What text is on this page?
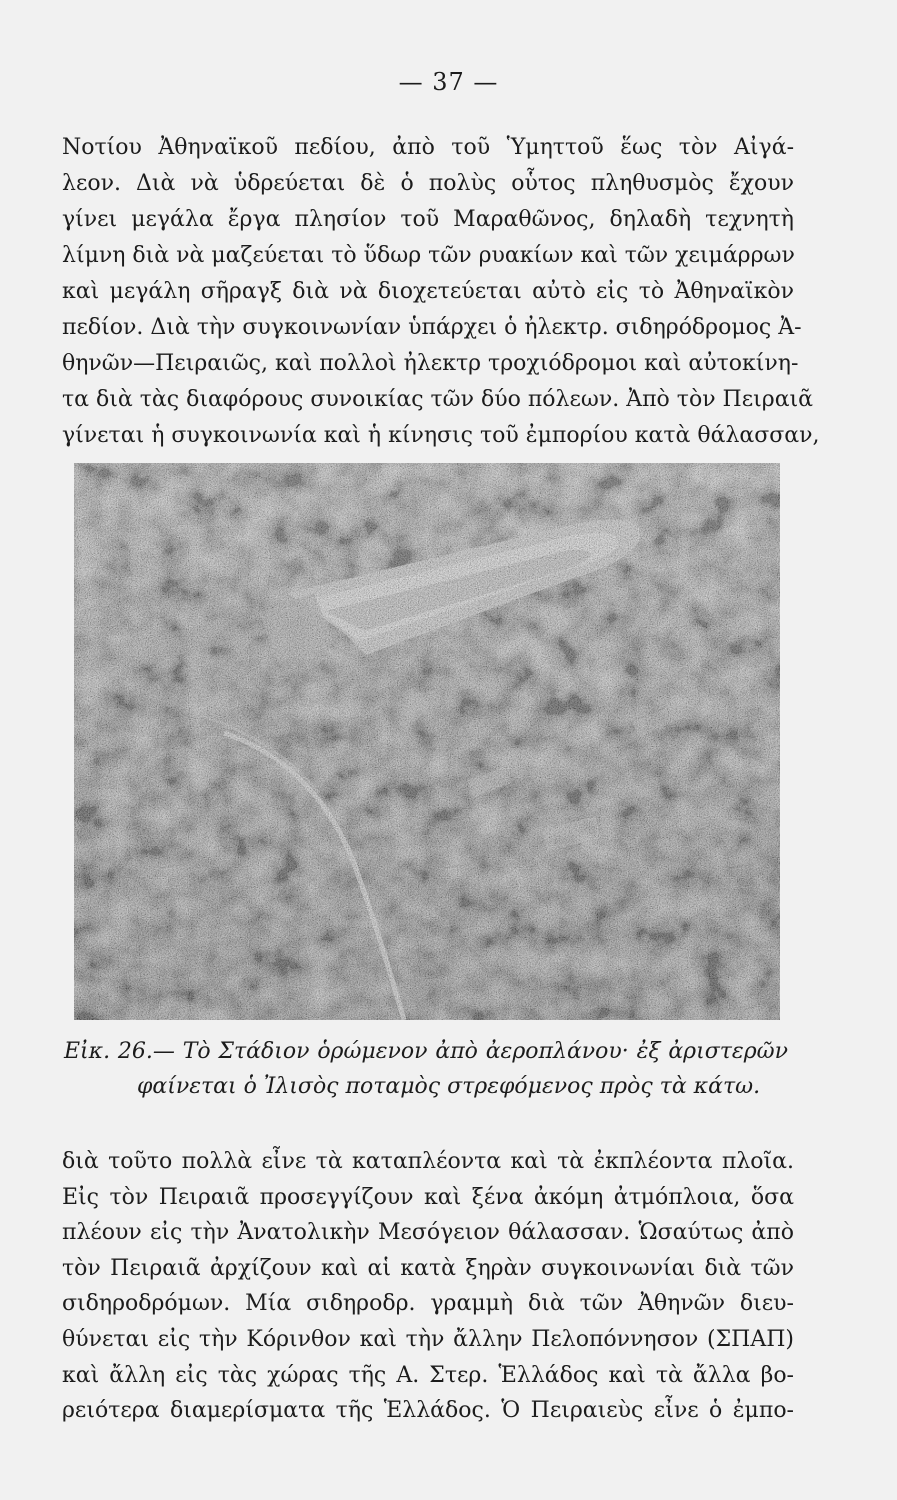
— 37 —
Νοτίου Ἀθηναϊκοῦ πεδίου, ἀπὸ τοῦ Ὑμηττοῦ ἕως τὸν Αἰγά-
λεον. Διὰ νὰ ὑδρεύεται δὲ ὁ πολὺς οὗτος πληθυσμὸς ἔχουν
γίνει μεγάλα ἔργα πλησίον τοῦ Μαραθῶνος, δηλαδὴ τεχνητὴ
λίμνη διὰ νὰ μαζεύεται τὸ ὕδωρ τῶν ρυακίων καὶ τῶν χειμάρρων
καὶ μεγάλη σῆραγξ διὰ νὰ διοχετεύεται αὐτὸ εἰς τὸ Ἀθηναϊκὸν
πεδίον. Διὰ τὴν συγκοινωνίαν ὑπάρχει ὁ ἠλεκτρ. σιδηρόδρομος Ἀ-
θηνῶν—Πειραιῶς, καὶ πολλοὶ ἠλεκτρ τροχιόδρομοι καὶ αὐτοκίνη-
τα διὰ τὰς διαφόρους συνοικίας τῶν δύο πόλεων. Ἀπὸ τὸν Πειραιᾶ
γίνεται ἡ συγκοινωνία καὶ ἡ κίνησις τοῦ ἐμπορίου κατὰ θάλασσαν,

Εἰκ. 26.— Τὸ Στάδιον ὁρώμενον ἀπὸ ἀεροπλάνου· ἐξ ἀριστερῶν

φαίνεται ὁ Ἰλισὸς ποταμὸς στρεφόμενος πρὸς τὰ κάτω.

διὰ τοῦτο πολλὰ εἶνε τὰ καταπλέοντα καὶ τὰ ἐκπλέοντα πλοῖα.
Εἰς τὸν Πειραιᾶ προσεγγίζουν καὶ ξένα ἀκόμη ἀτμόπλοια, ὅσα
πλέουν εἰς τὴν Ἀνατολικὴν Μεσόγειον θάλασσαν. Ὡσαύτως ἀπὸ
τὸν Πειραιᾶ ἀρχίζουν καὶ αἱ κατὰ ξηρὰν συγκοινωνίαι διὰ τῶν
σιδηροδρόμων. Μία σιδηροδρ. γραμμὴ διὰ τῶν Ἀθηνῶν διευ-
θύνεται εἰς τὴν Κόρινθον καὶ τὴν ἄλλην Πελοπόννησον (ΣΠΑΠ)
καὶ ἄλλη εἰς τὰς χώρας τῆς Α. Στερ. Ἑλλάδος καὶ τὰ ἄλλα βο-
ρειότερα διαμερίσματα τῆς Ἑλλάδος. Ὁ Πειραιεὺς εἶνε ὁ ἐμπο-
